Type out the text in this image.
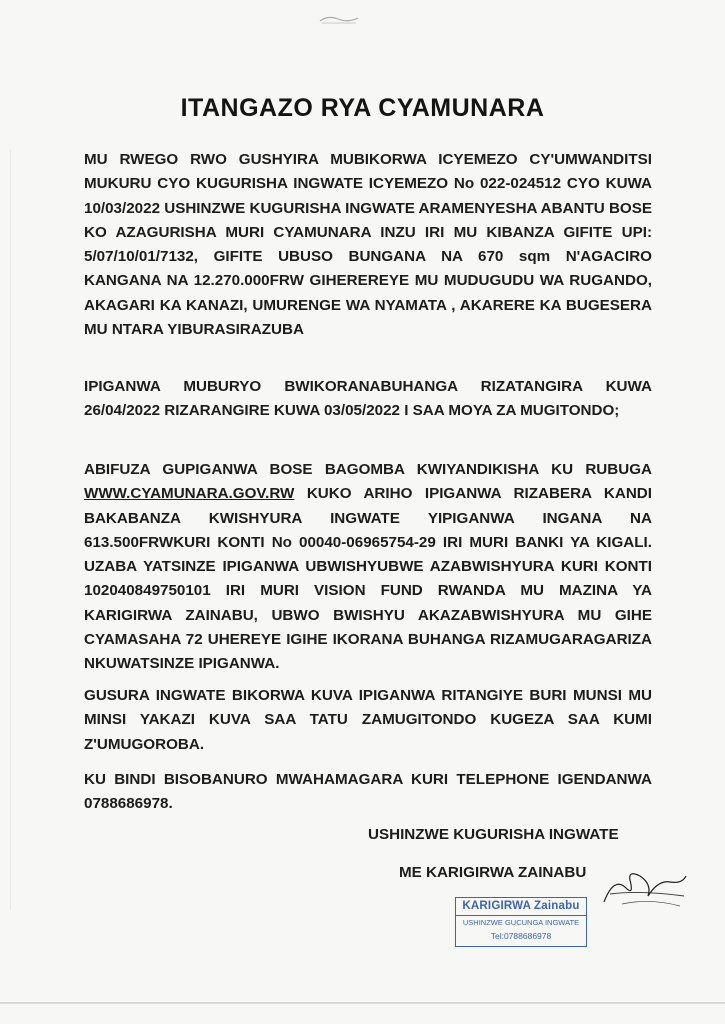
ITANGAZO RYA CYAMUNARA
MU RWEGO RWO GUSHYIRA MUBIKORWA ICYEMEZO CY'UMWANDITSI MUKURU CYO KUGURISHA INGWATE ICYEMEZO No 022-024512 CYO KUWA 10/03/2022 USHINZWE KUGURISHA INGWATE ARAMENYESHA ABANTU BOSE KO AZAGURISHA MURI CYAMUNARA INZU IRI MU KIBANZA GIFITE UPI: 5/07/10/01/7132, GIFITE UBUSO BUNGANA NA 670 sqm N'AGACIRO KANGANA NA 12.270.000FRW GIHEREREYE MU MUDUGUDU WA RUGANDO, AKAGARI KA KANAZI, UMURENGE WA NYAMATA , AKARERE KA BUGESERA MU NTARA YIBURASIRAZUBA
IPIGANWA MUBURYO BWIKORANABUHANGA RIZATANGIRA KUWA 26/04/2022 RIZARANGIRE KUWA 03/05/2022 I SAA MOYA ZA MUGITONDO;
ABIFUZA GUPIGANWA BOSE BAGOMBA KWIYANDIKISHA KU RUBUGA WWW.CYAMUNARA.GOV.RW KUKO ARIHO IPIGANWA RIZABERA KANDI BAKABANZA KWISHYURA INGWATE YIPIGANWA INGANA NA 613.500FRWKURI KONTI No 00040-06965754-29 IRI MURI BANKI YA KIGALI. UZABA YATSINZE IPIGANWA UBWISHYUBWE AZABWISHYURA KURI KONTI 102040849750101 IRI MURI VISION FUND RWANDA MU MAZINA YA KARIGIRWA ZAINABU, UBWO BWISHYU AKAZABWISHYURA MU GIHE CYAMASAHA 72 UHEREYE IGIHE IKORANA BUHANGA RIZAMUGARAGARIZA NKUWATSINZE IPIGANWA.
GUSURA INGWATE BIKORWA KUVA IPIGANWA RITANGIYE BURI MUNSI MU MINSI YAKAZI KUVA SAA TATU ZAMUGITONDO KUGEZA SAA KUMI Z'UMUGOROBA.
KU BINDI BISOBANURO MWAHAMAGARA KURI TELEPHONE IGENDANWA 0788686978.
USHINZWE KUGURISHA INGWATE
ME KARIGIRWA ZAINABU
KARIGIRWA Zainabu
USHINZWE GUCUNGA INGWATE
Tel:0788686978
